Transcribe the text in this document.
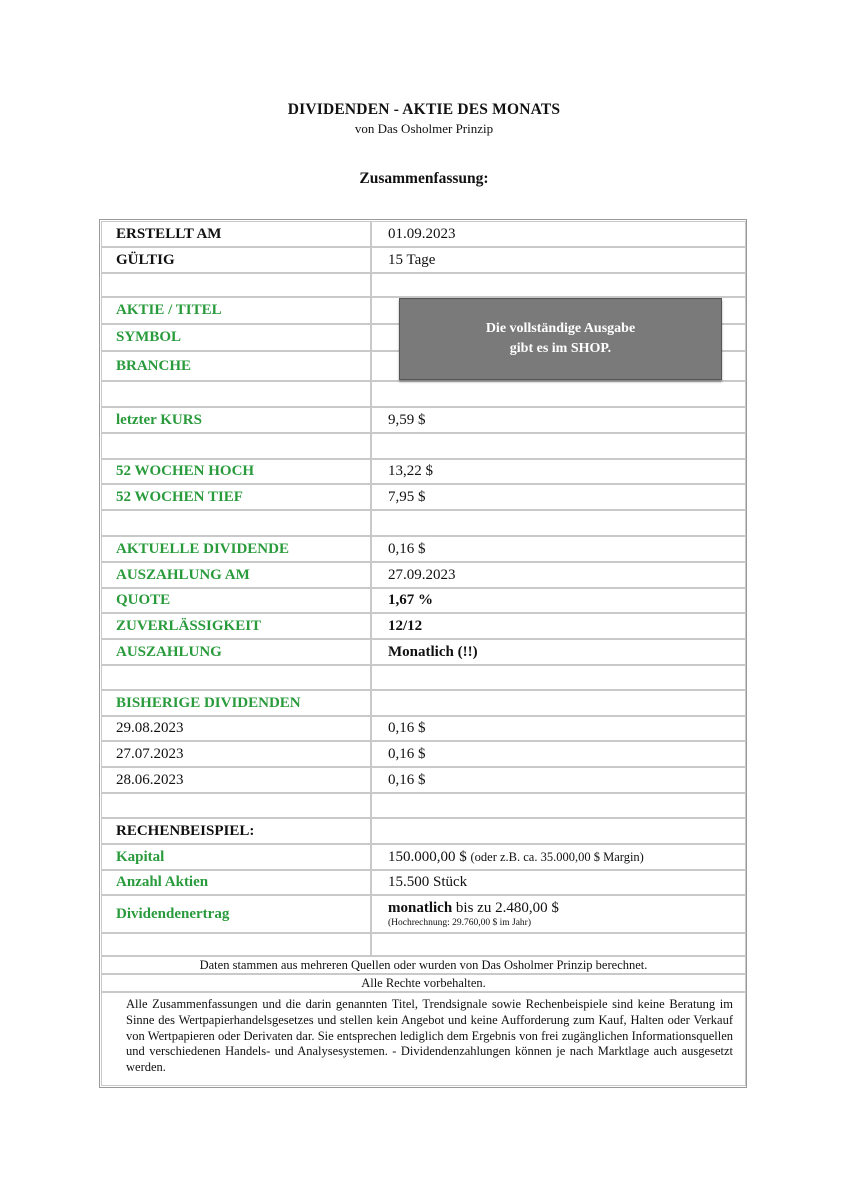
DIVIDENDEN - AKTIE DES MONATS
von Das Osholmer Prinzip
Zusammenfassung:
ERSTELLT AM	01.09.2023
GÜLTIG	15 Tage
AKTIE / TITEL
SYMBOL
BRANCHE
letzter KURS	9,59 $
52 WOCHEN HOCH	13,22 $
52 WOCHEN TIEF	7,95 $
AKTUELLE DIVIDENDE	0,16 $
AUSZAHLUNG AM	27.09.2023
QUOTE	1,67 %
ZUVERLÄSSIGKEIT	12/12
AUSZAHLUNG	Monatlich (!!)
BISHERIGE DIVIDENDEN
29.08.2023	0,16 $
27.07.2023	0,16 $
28.06.2023	0,16 $
RECHENBEISPIEL:
Kapital	150.000,00 $
(oder z.B. ca. 35.000,00 $ Margin)
Anzahl Aktien	15.500 Stück
Dividendenertrag	monatlich bis zu 2.480,00 $
(Hochrechnung: 29.760,00 $ im Jahr)
Daten stammen aus mehreren Quellen oder wurden von Das Osholmer Prinzip berechnet.
Alle Rechte vorbehalten.
Alle Zusammenfassungen und die darin genannten Titel, Trendsignale sowie Rechenbeispiele sind keine Beratung im Sinne des Wertpapierhandelsgesetzes und stellen kein Angebot und keine Aufforderung zum Kauf, Halten oder Verkauf von Wertpapieren oder Derivaten dar. Sie entsprechen lediglich dem Ergebnis von frei zugänglichen Informationsquellen und verschiedenen Handels- und Analysesystemen. - Dividendenzahlungen können je nach Marktlage auch ausgesetzt werden.
Die vollständige Ausgabe
gibt es im SHOP.
